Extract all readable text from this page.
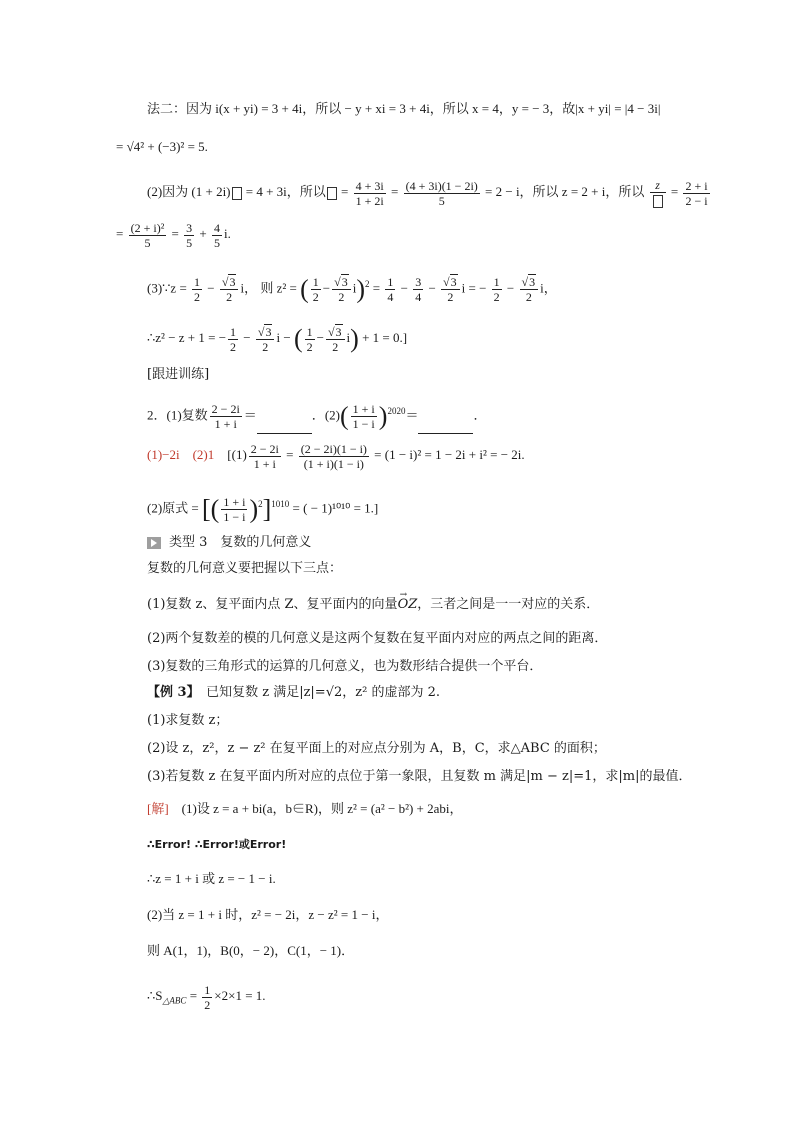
法二：因为 i(x + yi) = 3 + 4i，所以 − y + xi = 3 + 4i，所以 x = 4，y = − 3，故|x + yi| = |4 − 3i|
= √4² + (−3)² = 5.
(2)因为 (1 + 2i) = 4 + 3i，所以 = $\frac{4 + 3i}{1 + 2i} = \frac{(4 + 3i)(1 - 2i)}{5} = 2 - i$，所以 z = 2 + i，所以 $z = \frac{2 + i}{2 - i}$
= $\frac{\text{(2 + i)²}}{5} = \frac{3}{5} + \frac{4}{5} i$.
(3)∵z = $\frac{1}{2} - \frac{√3}{2}$ i， 则 z² = ( $\frac{1}{2} - \frac{√3}{2} i)^2 = \frac{1}{4} - \frac{3}{4} - \frac{√3}{2}$ i = − $\frac{1}{2} - \frac{√3}{2}$ i，
∴z² − z + 1 = − $\frac{1}{2} - \frac{√3}{2}$ i − ( $\frac{1}{2} - \frac{√3}{2} i) + 1 = 0$.]
[跟进训练]
2．(1)复数 $\frac{2 - 2i}{1 + i}$ ＝	．$(2)( \frac{1 + i}{1 - i} )^{2020}=$	．
(1)−2i　(2)1　 [$(1) \frac{2 - 2i}{1 + i} = \frac{(2 - 2i)(1 - i)}{(1 + i)(1 - i)} = (1 - i)^2 = 1 - 2i + i^2$ = − 2i.
(2)原式 = [( $\frac{1 + i}{1 - i} )^2]^{1010}$ = ( − 1)¹⁰¹⁰ = 1.]
类型 3　复数的几何意义
复数的几何意义要把握以下三点：
(1)复数 z、复平面内点 Z、复平面内的向量→ OZ，三者之间是一一对应的关系．
(2)两个复数差的模的几何意义是这两个复数在复平面内对应的两点之间的距离．
(3)复数的三角形式的运算的几何意义，也为数形结合提供一个平台．
【例 3】　已知复数 z 满足|z|=√2，z² 的虚部为 2.
(1)求复数 z；
(2)设 z，z²，z − z² 在复平面上的对应点分别为 A，B，C，求△ABC 的面积；
(3)若复数 z 在复平面内所对应的点位于第一象限，且复数 m 满足|m − z|=1，求|m|的最值．
[解]　(1)设 z = a + bi(a，b∈R)，则 z² = (a² − b²) + 2abi，
∴Error! ∴Error!或Error!
∴z = 1 + i 或 z = − 1 − i.
(2)当 z = 1 + i 时，z² = − 2i，z − z² = 1 − i，
则 A(1，1)，B(0，− 2)，C(1，− 1)．
$\therefore S_{\triangle ABC} = \frac{1}{2} \times 2\times 1 = 1$.
